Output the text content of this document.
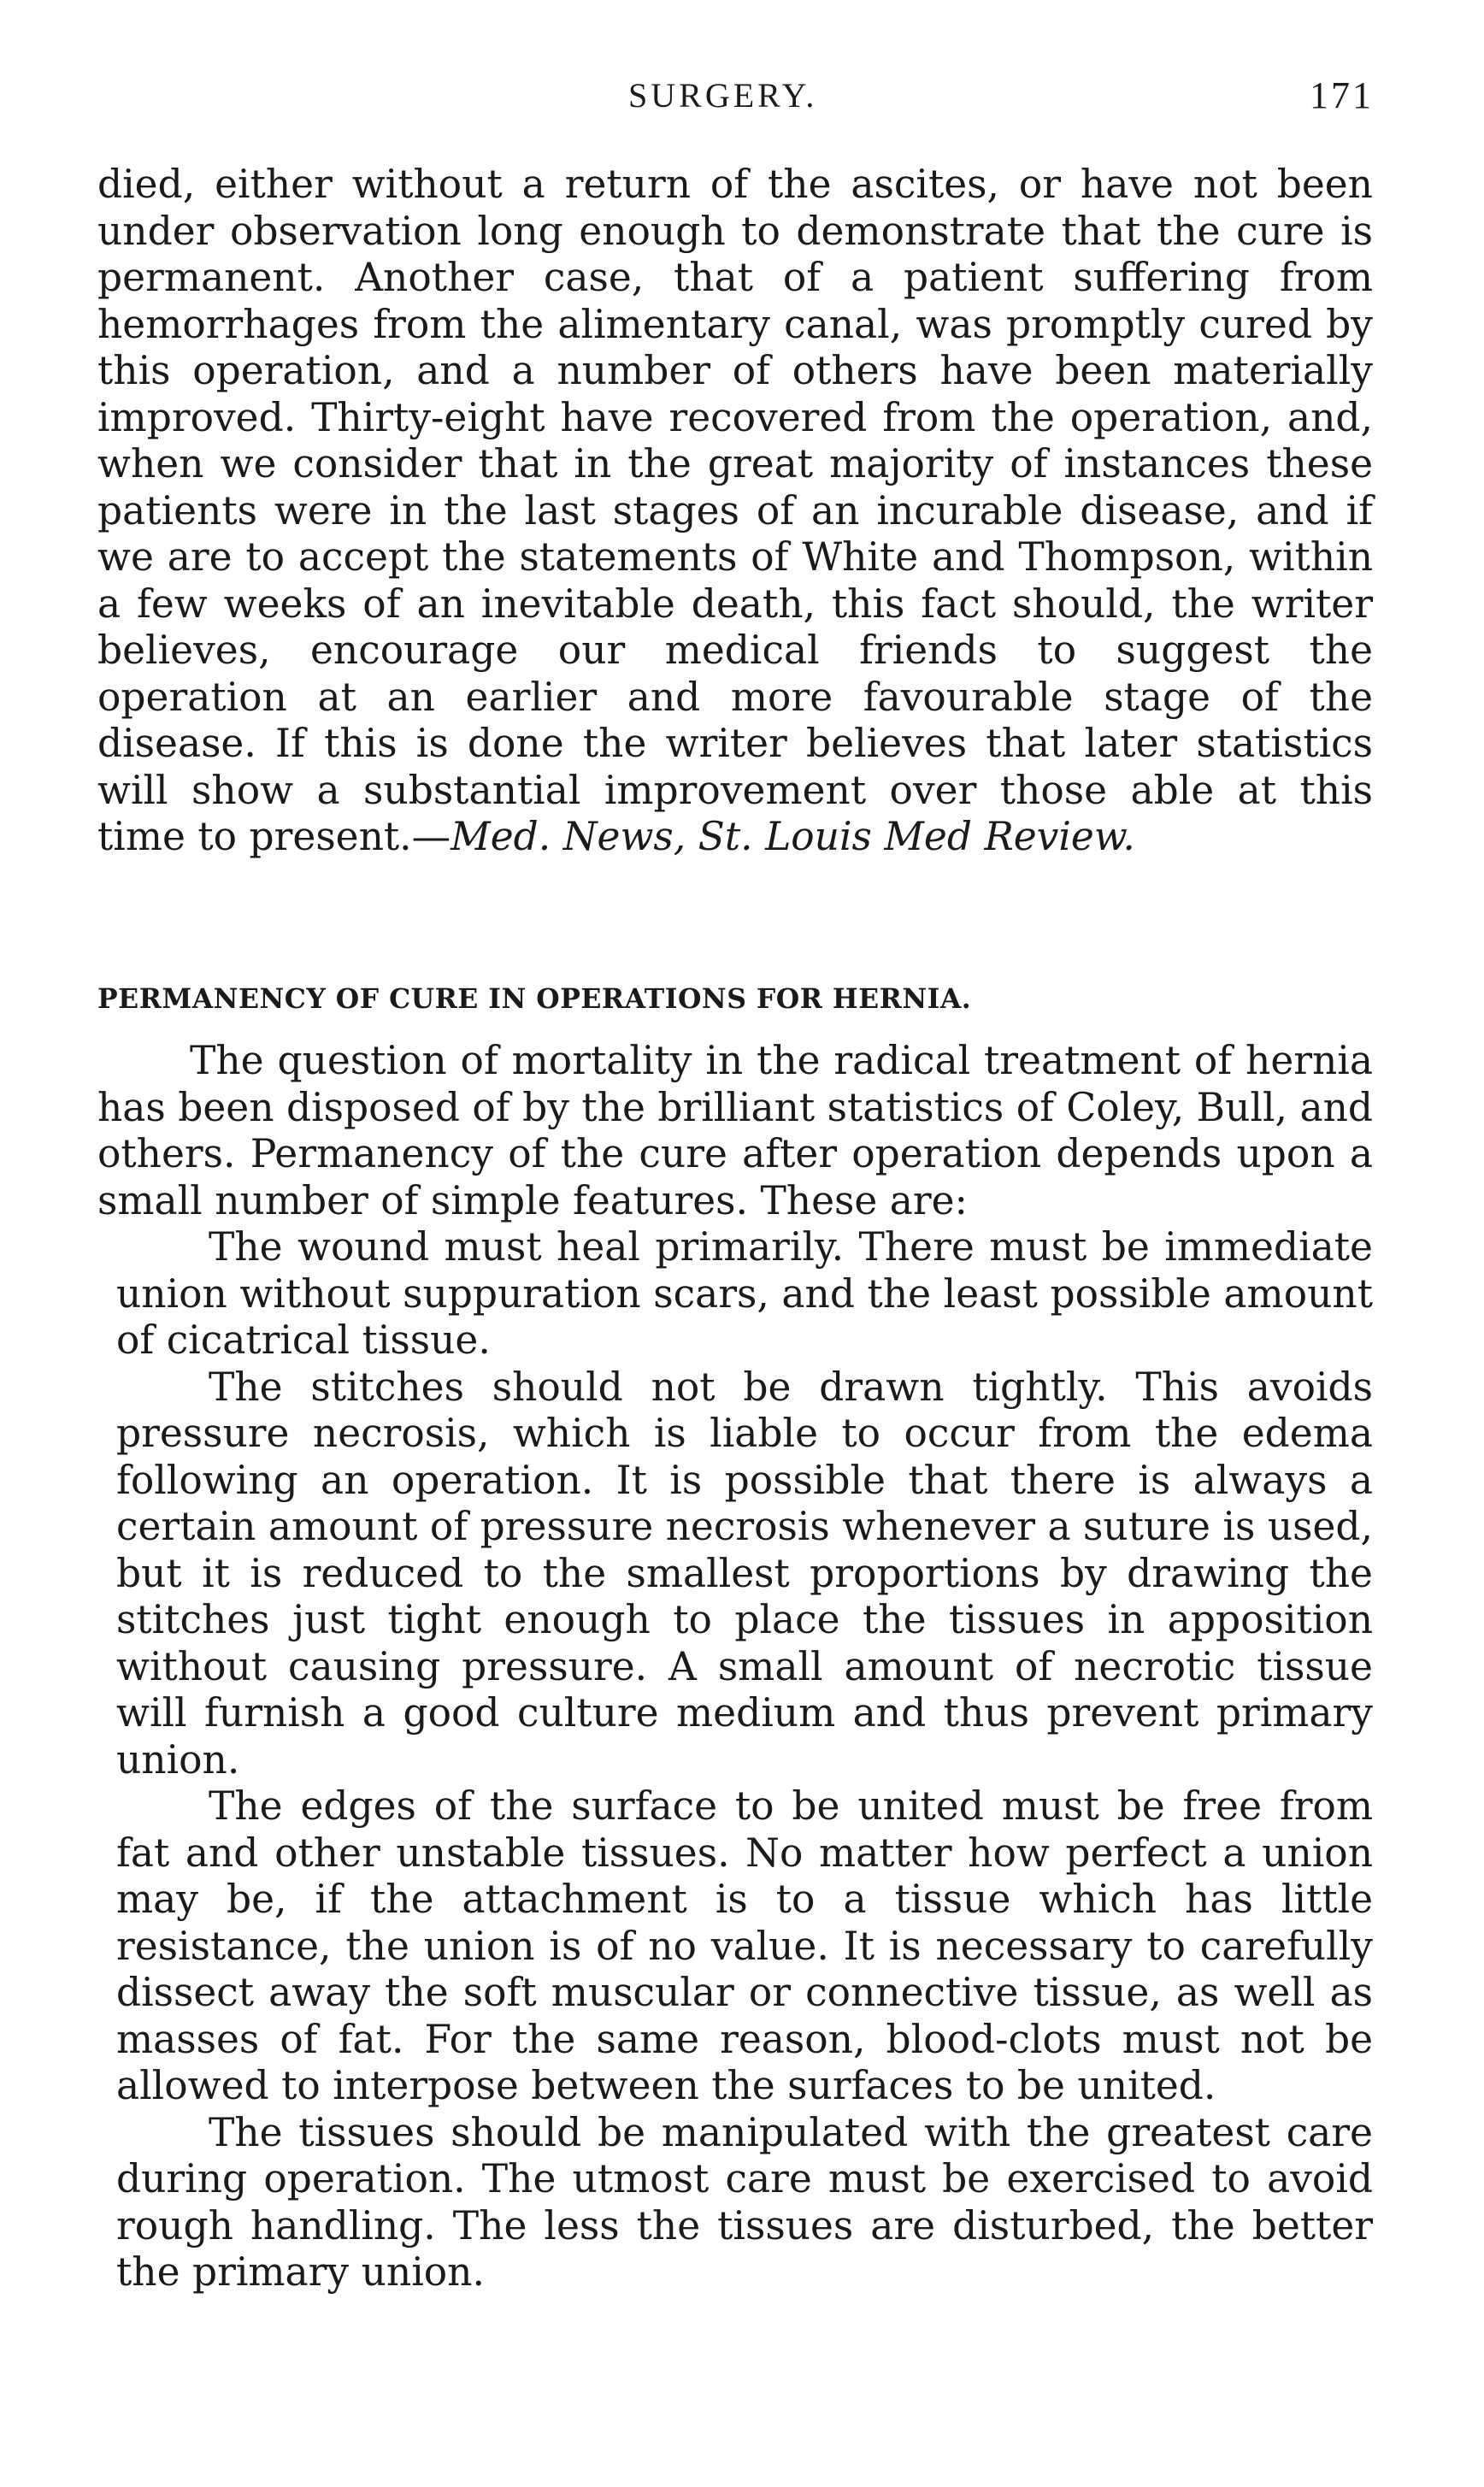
SURGERY.	171

died, either without a return of the ascites, or have not been under observation long enough to demonstrate that the cure is permanent. Another case, that of a patient suffering from hemorrhages from the alimentary canal, was promptly cured by this operation, and a number of others have been materially improved. Thirty-eight have recovered from the operation, and, when we consider that in the great majority of instances these patients were in the last stages of an incurable disease, and if we are to accept the statements of White and Thompson, within a few weeks of an inevitable death, this fact should, the writer believes, encourage our medical friends to suggest the operation at an earlier and more favourable stage of the disease. If this is done the writer believes that later statistics will show a substantial improvement over those able at this time to present.—Med. News, St. Louis Med Review.

PERMANENCY OF CURE IN OPERATIONS FOR HERNIA.

The question of mortality in the radical treatment of hernia has been disposed of by the brilliant statistics of Coley, Bull, and others. Permanency of the cure after operation depends upon a small number of simple features. These are:

The wound must heal primarily. There must be immediate union without suppuration scars, and the least possible amount of cicatrical tissue.

The stitches should not be drawn tightly. This avoids pressure necrosis, which is liable to occur from the edema following an operation. It is possible that there is always a certain amount of pressure necrosis whenever a suture is used, but it is reduced to the smallest proportions by drawing the stitches just tight enough to place the tissues in apposition without causing pressure. A small amount of necrotic tissue will furnish a good culture medium and thus prevent primary union.

The edges of the surface to be united must be free from fat and other unstable tissues. No matter how perfect a union may be, if the attachment is to a tissue which has little resistance, the union is of no value. It is necessary to carefully dissect away the soft muscular or connective tissue, as well as masses of fat. For the same reason, blood-clots must not be allowed to interpose between the surfaces to be united.

The tissues should be manipulated with the greatest care during operation. The utmost care must be exercised to avoid rough handling. The less the tissues are disturbed, the better the primary union.
